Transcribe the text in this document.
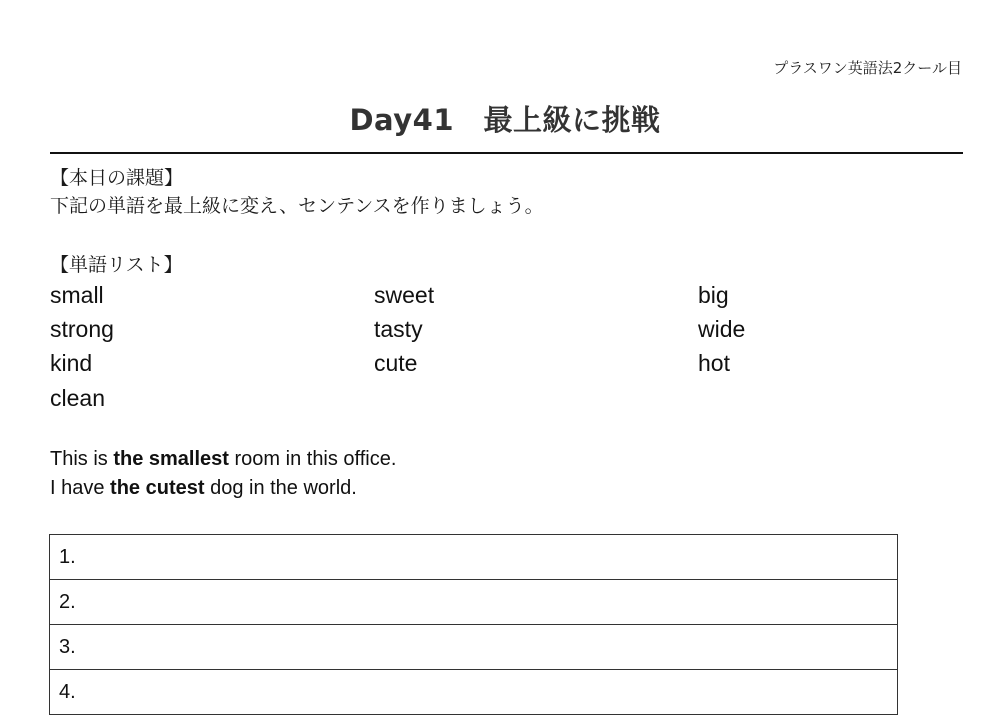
プラスワン英語法2クール目
Day41　最上級に挑戦
【本日の課題】
下記の単語を最上級に変え、センテンスを作りましょう。
【単語リスト】
small	sweet	big
strong	tasty	wide
kind	cute	hot
clean
This is the smallest room in this office.
I have the cutest dog in the world.
1.
2.
3.
4.
